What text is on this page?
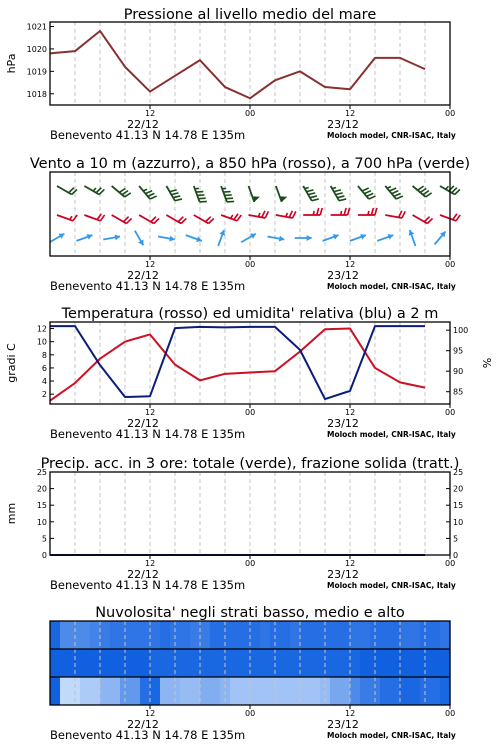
Pressione al livello medio del mare
12	00	12	00
22/12	23/12
Benevento 41.13 N 14.78 E 135m	Moloch model, CNR-ISAC, Italy
1018
1019
1020
1021
hPa
Vento a 10 m (azzurro), a 850 hPa (rosso), a 700 hPa (verde)
12	00	12	00
22/12	23/12
Benevento 41.13 N 14.78 E 135m	Moloch model, CNR-ISAC, Italy
Temperatura (rosso) ed umidita' relativa (blu) a 2 m
12	00	12	00
22/12	23/12
Benevento 41.13 N 14.78 E 135m	Moloch model, CNR-ISAC, Italy
2
4
6
8
10
12
85
90
95
100
gradi C	%
Precip. acc. in 3 ore: totale (verde), frazione solida (tratt.)
12	00	12	00
22/12	23/12
Benevento 41.13 N 14.78 E 135m	Moloch model, CNR-ISAC, Italy
0
5
10
15
20
25
0
5
10
15
20
25
mm
Nuvolosita' negli strati basso, medio e alto
12	00	12	00
22/12	23/12
Benevento 41.13 N 14.78 E 135m	Moloch model, CNR-ISAC, Italy
